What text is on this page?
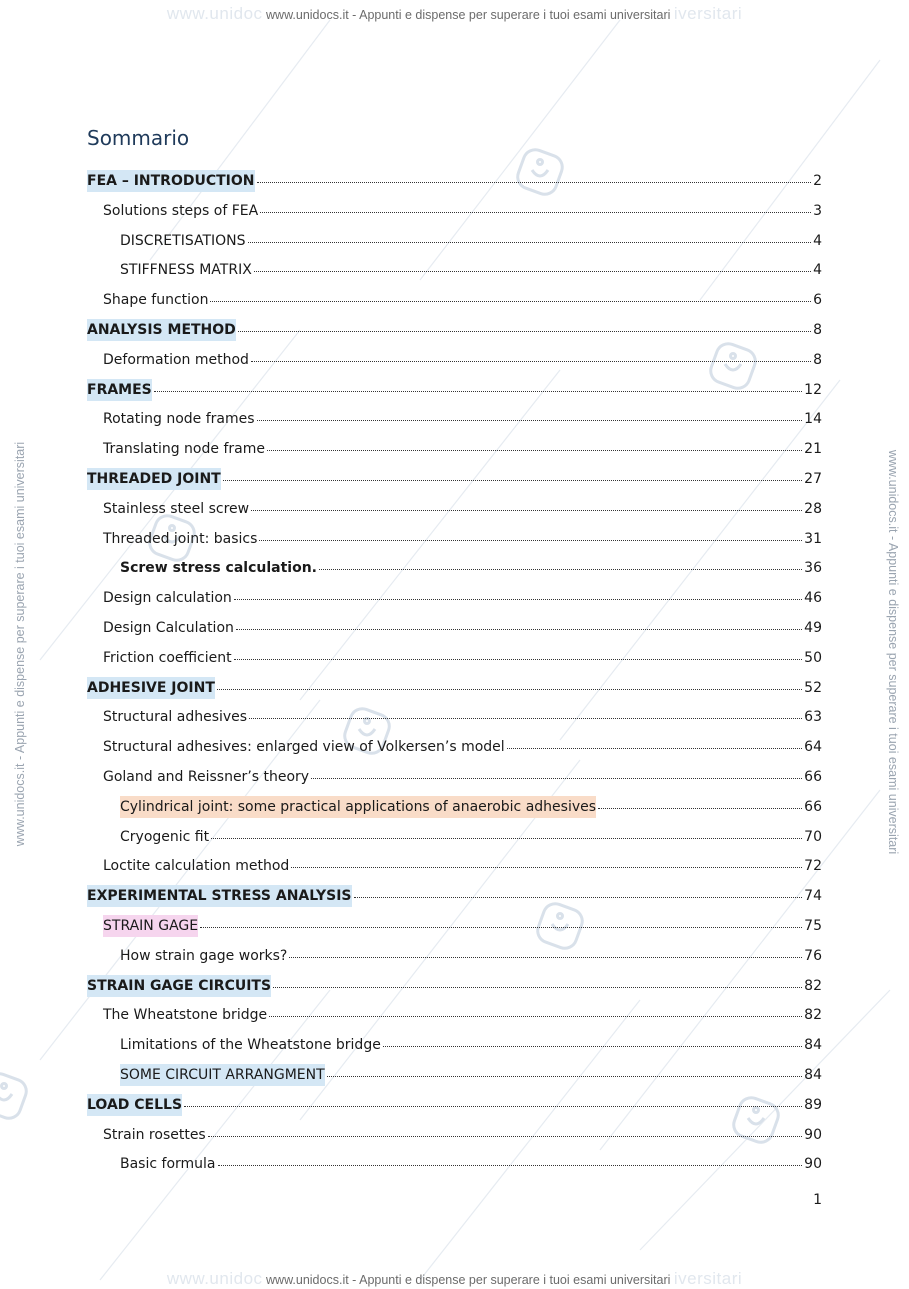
www.unidoc www.unidocs.it - Appunti e dispense per superare i tuoi esami universitari iversitari
www.unidocs.it - Appunti e dispense per superare i tuoi esami universitari	www.unidocs.it - Appunti e dispense per superare i tuoi esami universitari
Sommario
FEA – INTRODUCTION	2
Solutions steps of FEA	3
DISCRETISATIONS	4
STIFFNESS MATRIX	4
Shape function	6
ANALYSIS METHOD	8
Deformation method	8
FRAMES	12
Rotating node frames	14
Translating node frame	21
THREADED JOINT	27
Stainless steel screw	28
Threaded joint: basics	31
Screw stress calculation.	36
Design calculation	46
Design Calculation	49
Friction coefficient	50
ADHESIVE JOINT	52
Structural adhesives	63
Structural adhesives: enlarged view of Volkersen’s model	64
Goland and Reissner’s theory	66
Cylindrical joint: some practical applications of anaerobic adhesives	66
Cryogenic fit	70
Loctite calculation method	72
EXPERIMENTAL STRESS ANALYSIS	74
STRAIN GAGE	75
How strain gage works?	76
STRAIN GAGE CIRCUITS	82
The Wheatstone bridge	82
Limitations of the Wheatstone bridge	84
SOME CIRCUIT ARRANGMENT	84
LOAD CELLS	89
Strain rosettes	90
Basic formula	90
1
www.unidoc www.unidocs.it - Appunti e dispense per superare i tuoi esami universitari iversitari
